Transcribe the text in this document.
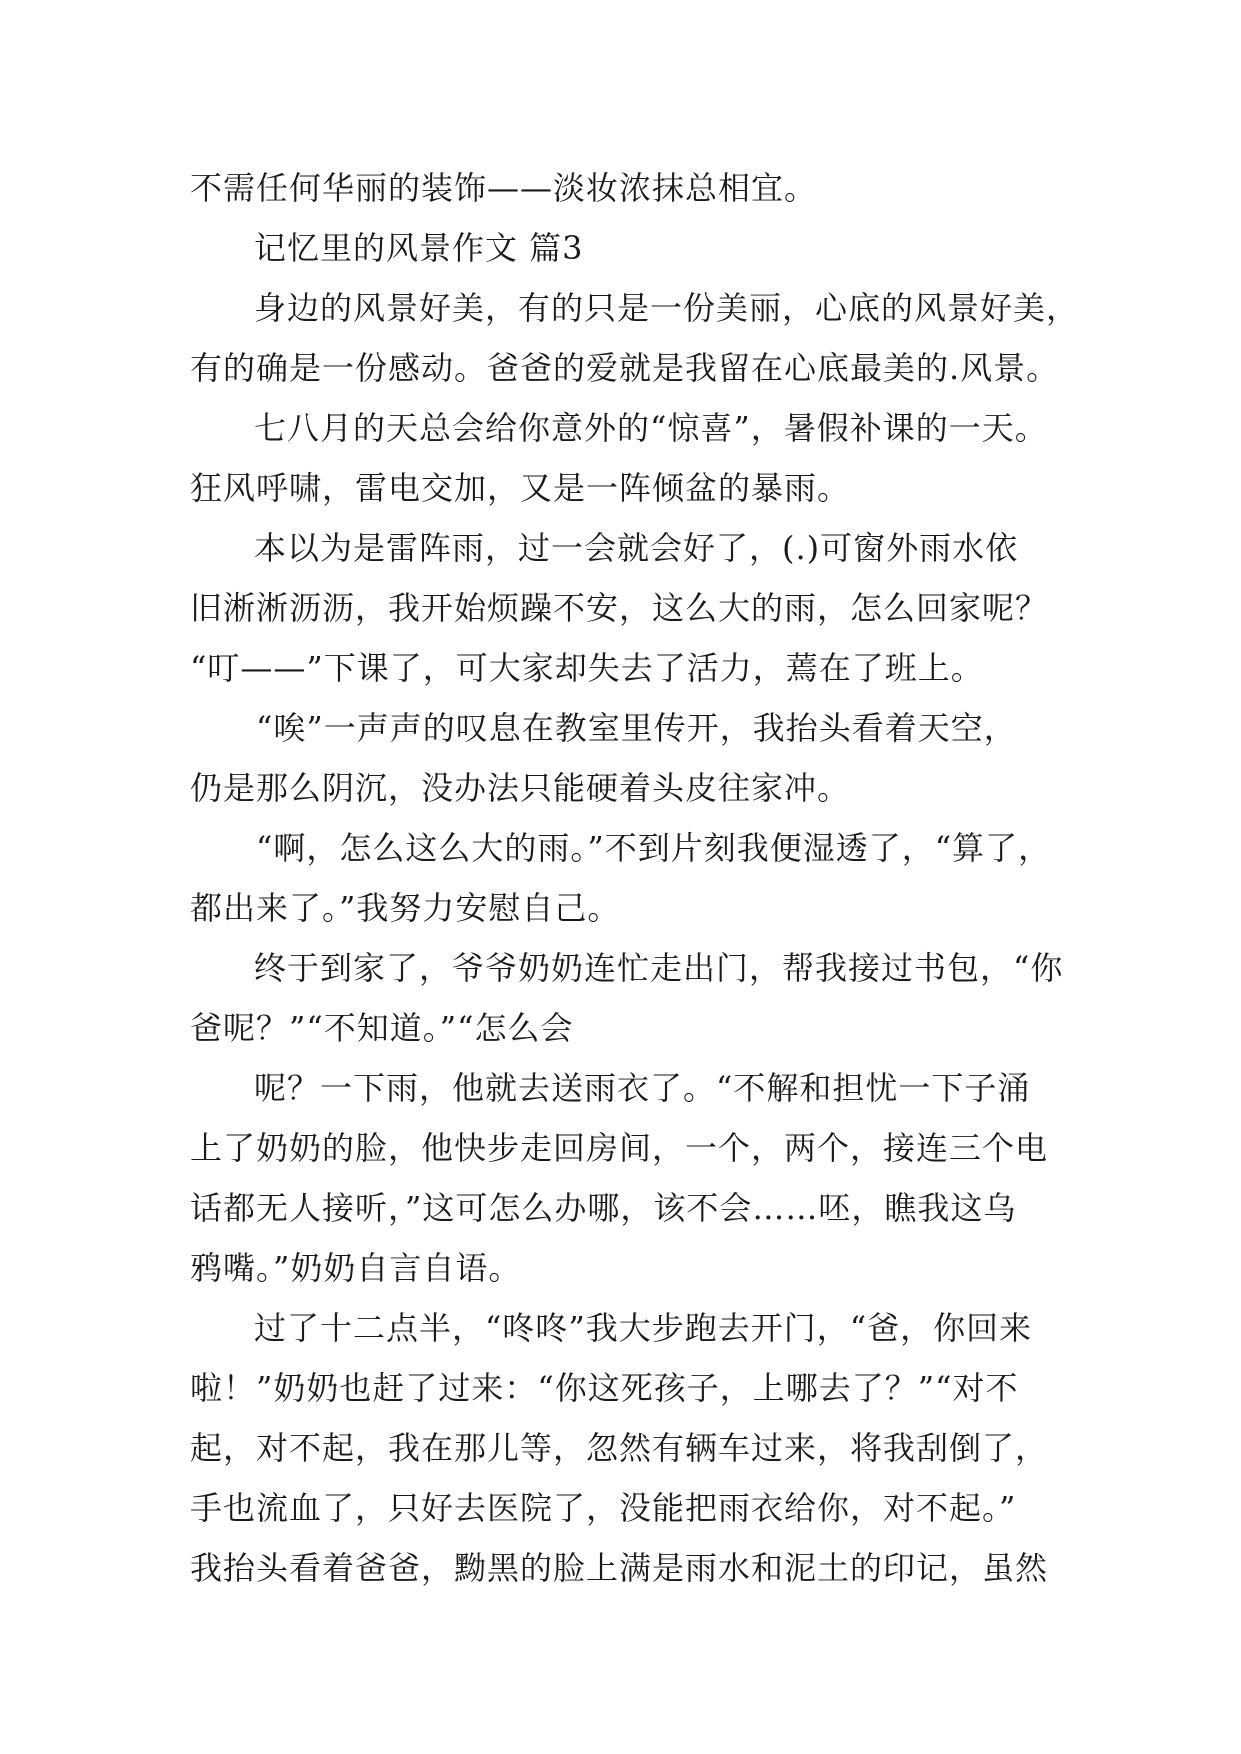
不需任何华丽的装饰——淡妆浓抹总相宜。
记忆里的风景作文 篇3
身边的风景好美，有的只是一份美丽，心底的风景好美，
有的确是一份感动。爸爸的爱就是我留在心底最美的.风景。
七八月的天总会给你意外的“惊喜”，暑假补课的一天。
狂风呼啸，雷电交加，又是一阵倾盆的暴雨。
本以为是雷阵雨，过一会就会好了，(.)可窗外雨水依
旧淅淅沥沥，我开始烦躁不安，这么大的雨，怎么回家呢？
“叮——”下课了，可大家却失去了活力，蔫在了班上。
“唉”一声声的叹息在教室里传开，我抬头看着天空，
仍是那么阴沉，没办法只能硬着头皮往家冲。
“啊，怎么这么大的雨。”不到片刻我便湿透了，“算了，
都出来了。”我努力安慰自己。
终于到家了，爷爷奶奶连忙走出门，帮我接过书包，“你
爸呢？”“不知道。”“怎么会
呢？一下雨，他就去送雨衣了。“不解和担忧一下子涌
上了奶奶的脸，他快步走回房间，一个，两个，接连三个电
话都无人接听，”这可怎么办哪，该不会……呸，瞧我这乌
鸦嘴。”奶奶自言自语。
过了十二点半，“咚咚”我大步跑去开门，“爸，你回来
啦！”奶奶也赶了过来：“你这死孩子，上哪去了？”“对不
起，对不起，我在那儿等，忽然有辆车过来，将我刮倒了，
手也流血了，只好去医院了，没能把雨衣给你，对不起。”
我抬头看着爸爸，黝黑的脸上满是雨水和泥土的印记，虽然
